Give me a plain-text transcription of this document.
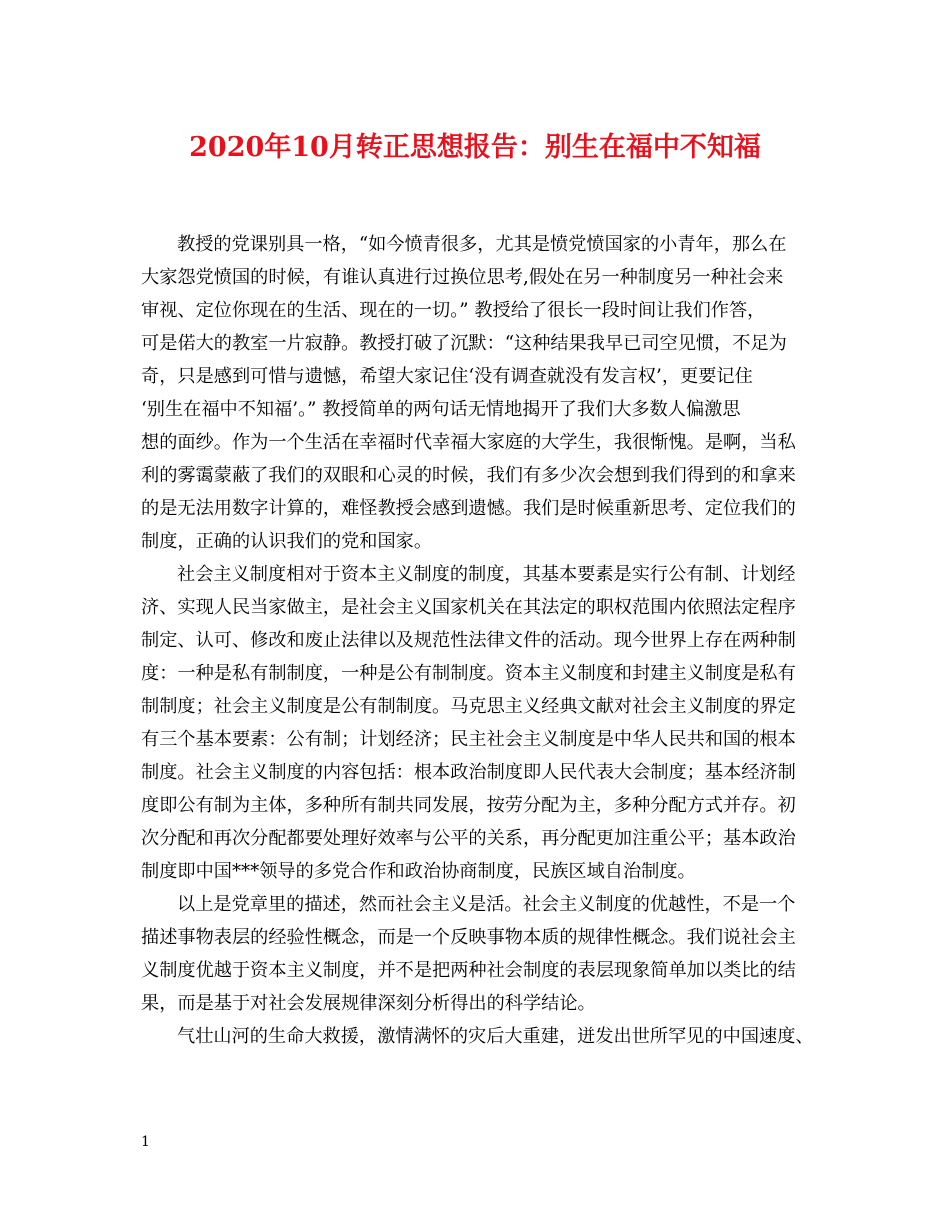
2020年10月转正思想报告：别生在福中不知福
教授的党课别具一格，“如今愤青很多，尤其是愤党愤国家的小青年，那么在
大家怨党愤国的时候，有谁认真进行过换位思考,假处在另一种制度另一种社会来
审视、定位你现在的生活、现在的一切。” 教授给了很长一段时间让我们作答，
可是偌大的教室一片寂静。教授打破了沉默：“这种结果我早已司空见惯，不足为
奇，只是感到可惜与遗憾，希望大家记住‘没有调查就没有发言权’，更要记住
‘别生在福中不知福’。” 教授简单的两句话无情地揭开了我们大多数人偏激思
想的面纱。作为一个生活在幸福时代幸福大家庭的大学生，我很惭愧。是啊，当私
利的雾霭蒙蔽了我们的双眼和心灵的时候，我们有多少次会想到我们得到的和拿来
的是无法用数字计算的，难怪教授会感到遗憾。我们是时候重新思考、定位我们的
制度，正确的认识我们的党和国家。
社会主义制度相对于资本主义制度的制度，其基本要素是实行公有制、计划经
济、实现人民当家做主，是社会主义国家机关在其法定的职权范围内依照法定程序
制定、认可、修改和废止法律以及规范性法律文件的活动。现今世界上存在两种制
度：一种是私有制制度，一种是公有制制度。资本主义制度和封建主义制度是私有
制制度；社会主义制度是公有制制度。马克思主义经典文献对社会主义制度的界定
有三个基本要素：公有制；计划经济；民主社会主义制度是中华人民共和国的根本
制度。社会主义制度的内容包括：根本政治制度即人民代表大会制度；基本经济制
度即公有制为主体，多种所有制共同发展，按劳分配为主，多种分配方式并存。初
次分配和再次分配都要处理好效率与公平的关系，再分配更加注重公平；基本政治
制度即中国***领导的多党合作和政治协商制度，民族区域自治制度。
以上是党章里的描述，然而社会主义是活。社会主义制度的优越性，不是一个
描述事物表层的经验性概念，而是一个反映事物本质的规律性概念。我们说社会主
义制度优越于资本主义制度，并不是把两种社会制度的表层现象简单加以类比的结
果，而是基于对社会发展规律深刻分析得出的科学结论。
气壮山河的生命大救援，激情满怀的灾后大重建，迸发出世所罕见的中国速度、
1
